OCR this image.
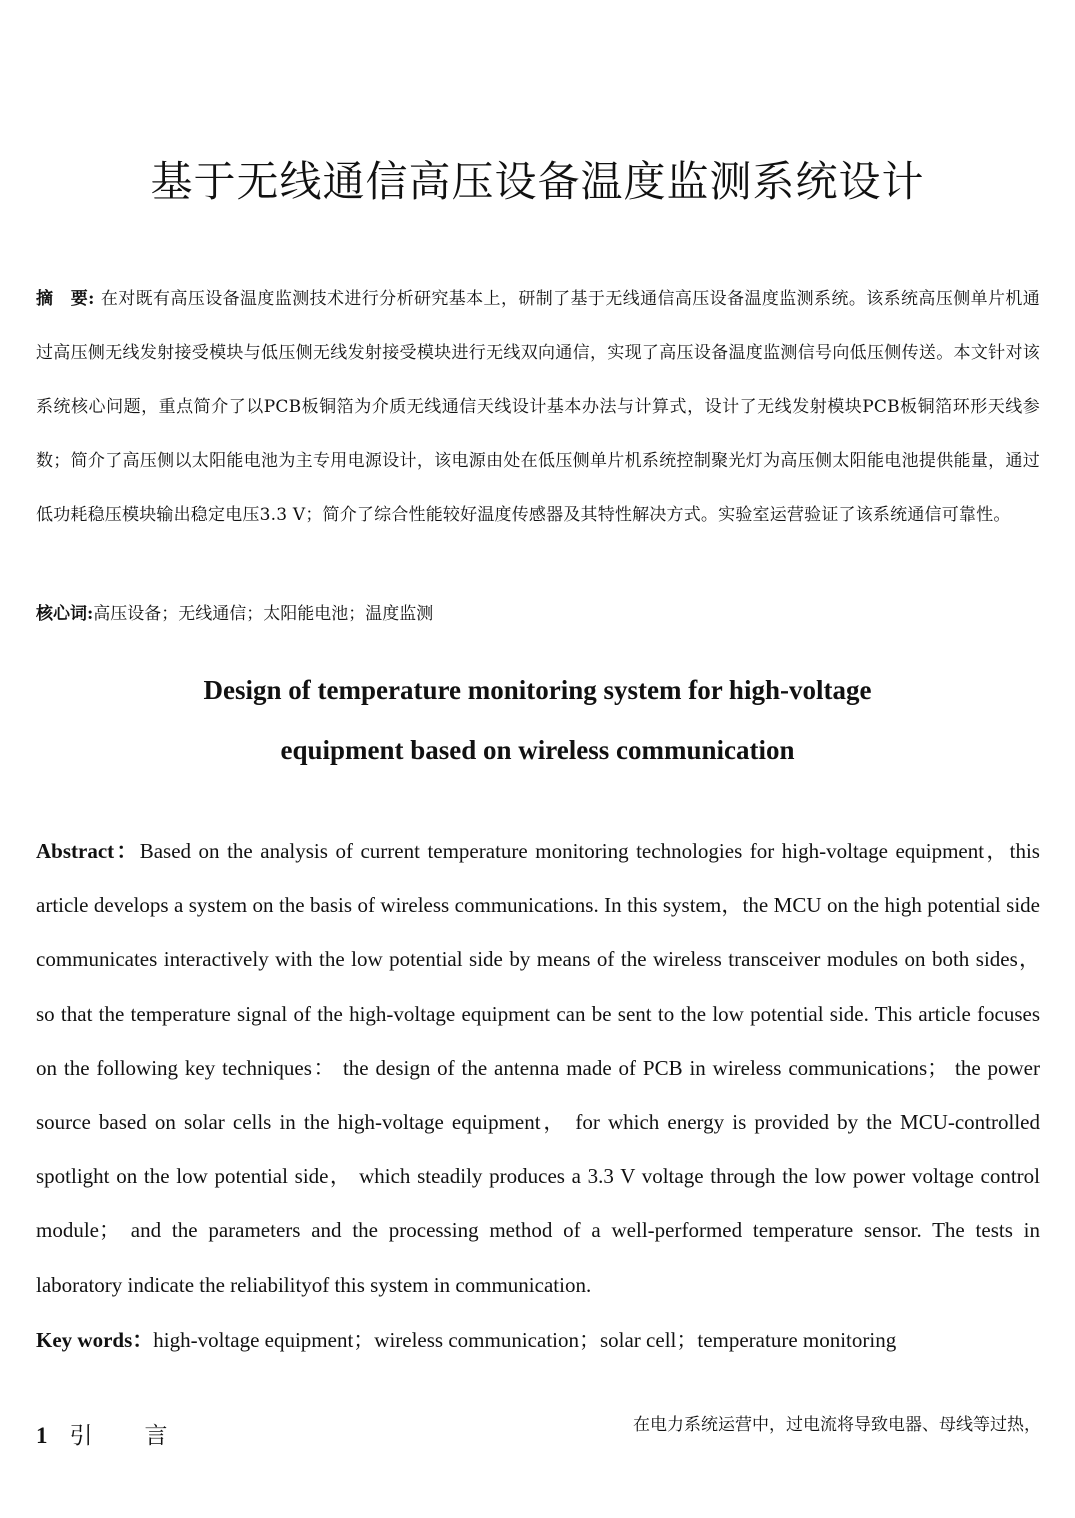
基于无线通信高压设备温度监测系统设计
摘　要: 在对既有高压设备温度监测技术进行分析研究基本上，研制了基于无线通信高压设备温度监测系统。该系统高压侧单片机通过高压侧无线发射接受模块与低压侧无线发射接受模块进行无线双向通信，实现了高压设备温度监测信号向低压侧传送。本文针对该系统核心问题，重点简介了以PCB板铜箔为介质无线通信天线设计基本办法与计算式，设计了无线发射模块PCB板铜箔环形天线参数；简介了高压侧以太阳能电池为主专用电源设计，该电源由处在低压侧单片机系统控制聚光灯为高压侧太阳能电池提供能量，通过低功耗稳压模块输出稳定电压3.3 V；简介了综合性能较好温度传感器及其特性解决方式。实验室运营验证了该系统通信可靠性。
核心词:高压设备；无线通信；太阳能电池；温度监测
Design of temperature monitoring system for high-voltage
equipment based on wireless communication
Abstract：Based on the analysis of current temperature monitoring technologies for high-voltage equipment，this article develops a system on the basis of wireless communications. In this system，the MCU on the high potential side communicates interactively with the low potential side by means of the wireless transceiver modules on both sides， so that the temperature signal of the high-voltage equipment can be sent to the low potential side. This article focuses on the following key techniques： the design of the antenna made of PCB in wireless communications； the power source based on solar cells in the high-voltage equipment， for which energy is provided by the MCU-controlled spotlight on the low potential side， which steadily produces a 3.3 V voltage through the low power voltage control module； and the parameters and the processing method of a well-performed temperature sensor. The tests in laboratory indicate the reliabilityof this system in communication.
Key words：high-voltage equipment；wireless communication；solar cell；temperature monitoring
1 引言	在电力系统运营中，过电流将导致电器、母线等过热，
